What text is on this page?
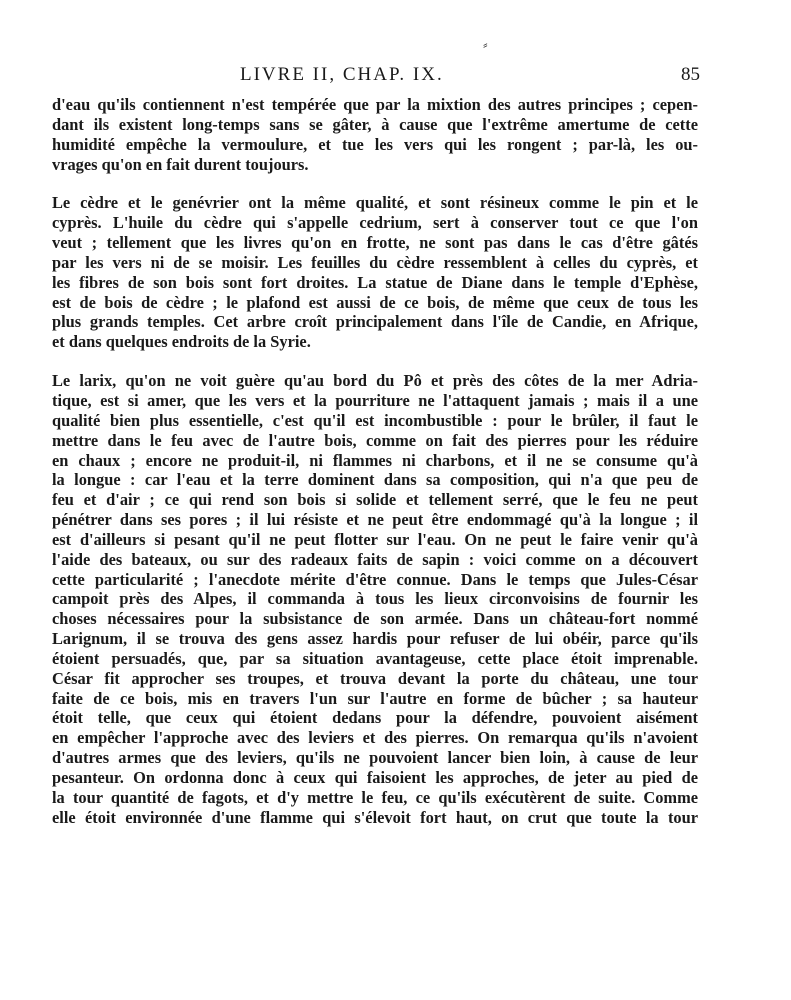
LIVRE II, CHAP. IX.	85
⸗
d'eau qu'ils contiennent n'est tempérée que par la mixtion des autres principes ; cepen-
dant ils existent long-temps sans se gâter, à cause que l'extrême amertume de cette
humidité empêche la vermoulure, et tue les vers qui les rongent ; par-là, les ou-
vrages qu'on en fait durent toujours.
Le cèdre et le genévrier ont la même qualité, et sont résineux comme le pin et le
cyprès. L'huile du cèdre qui s'appelle cedrium, sert à conserver tout ce que l'on
veut ; tellement que les livres qu'on en frotte, ne sont pas dans le cas d'être gâtés
par les vers ni de se moisir. Les feuilles du cèdre ressemblent à celles du cyprès, et
les fibres de son bois sont fort droites. La statue de Diane dans le temple d'Ephèse,
est de bois de cèdre ; le plafond est aussi de ce bois, de même que ceux de tous les
plus grands temples. Cet arbre croît principalement dans l'île de Candie, en Afrique,
et dans quelques endroits de la Syrie.
Le larix, qu'on ne voit guère qu'au bord du Pô et près des côtes de la mer Adria-
tique, est si amer, que les vers et la pourriture ne l'attaquent jamais ; mais il a une
qualité bien plus essentielle, c'est qu'il est incombustible : pour le brûler, il faut le
mettre dans le feu avec de l'autre bois, comme on fait des pierres pour les réduire
en chaux ; encore ne produit-il, ni flammes ni charbons, et il ne se consume qu'à
la longue : car l'eau et la terre dominent dans sa composition, qui n'a que peu de
feu et d'air ; ce qui rend son bois si solide et tellement serré, que le feu ne peut
pénétrer dans ses pores ; il lui résiste et ne peut être endommagé qu'à la longue ; il
est d'ailleurs si pesant qu'il ne peut flotter sur l'eau. On ne peut le faire venir qu'à
l'aide des bateaux, ou sur des radeaux faits de sapin : voici comme on a découvert
cette particularité ; l'anecdote mérite d'être connue. Dans le temps que Jules-César
campoit près des Alpes, il commanda à tous les lieux circonvoisins de fournir les
choses nécessaires pour la subsistance de son armée. Dans un château-fort nommé
Larignum, il se trouva des gens assez hardis pour refuser de lui obéir, parce qu'ils
étoient persuadés, que, par sa situation avantageuse, cette place étoit imprenable.
César fit approcher ses troupes, et trouva devant la porte du château, une tour
faite de ce bois, mis en travers l'un sur l'autre en forme de bûcher ; sa hauteur
étoit telle, que ceux qui étoient dedans pour la défendre, pouvoient aisément
en empêcher l'approche avec des leviers et des pierres. On remarqua qu'ils n'avoient
d'autres armes que des leviers, qu'ils ne pouvoient lancer bien loin, à cause de leur
pesanteur. On ordonna donc à ceux qui faisoient les approches, de jeter au pied de
la tour quantité de fagots, et d'y mettre le feu, ce qu'ils exécutèrent de suite. Comme
elle étoit environnée d'une flamme qui s'élevoit fort haut, on crut que toute la tour
